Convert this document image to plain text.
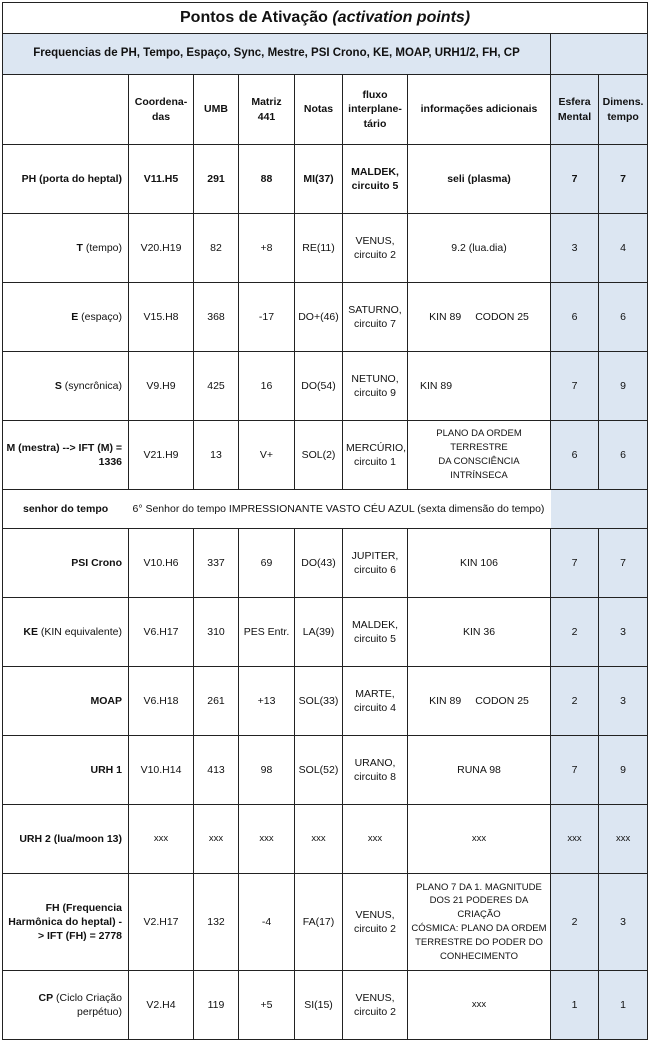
Pontos de Ativação (activation points)								
Frequencias de PH, Tempo, Espaço, Sync, Mestre, PSI Crono, KE, MOAP, URH1/2, FH, CP								
	Coordena-
das	UMB	Matriz
441	Notas	fluxo
interplane-
tário	informações adicionais	Esfera
Mental	Dimens.
tempo
PH (porta do heptal)	V11.H5	291	88	MI(37)	MALDEK,
circuito 5	seli (plasma)	7	7
T (tempo)	V20.H19	82	+8	RE(11)	VENUS,
circuito 2	9.2 (lua.dia)	3	4
E (espaço)	V15.H8	368	-17	DO+(46)	SATURNO,
circuito 7	KIN 89 CODON 25	6	6
S (syncrônica)	V9.H9	425	16	DO(54)	NETUNO,
circuito 9	KIN 89	7	9
M (mestra) --> IFT (M) =
1336	V21.H9	13	V+	SOL(2)	MERCÚRIO,
circuito 1	PLANO DA ORDEM TERRESTRE
DA CONSCIÊNCIA INTRÍNSECA	6	6
senhor do tempo	6° Senhor do tempo IMPRESSIONANTE VASTO CÉU AZUL (sexta dimensão do tempo)							
PSI Crono	V10.H6	337	69	DO(43)	JUPITER,
circuito 6	KIN 106	7	7
KE (KIN equivalente)	V6.H17	310	PES Entr.	LA(39)	MALDEK,
circuito 5	KIN 36	2	3
MOAP	V6.H18	261	+13	SOL(33)	MARTE,
circuito 4	KIN 89 CODON 25	2	3
URH 1	V10.H14	413	98	SOL(52)	URANO,
circuito 8	RUNA 98	7	9
URH 2 (lua/moon 13)	xxx	xxx	xxx	xxx	xxx	xxx	xxx	xxx
FH (Frequencia
Harmônica do heptal) -
> IFT (FH) = 2778	V2.H17	132	-4	FA(17)	VENUS,
circuito 2	PLANO 7 DA 1. MAGNITUDE
DOS 21 PODERES DA CRIAÇÃO
CÓSMICA: PLANO DA ORDEM
TERRESTRE DO PODER DO
CONHECIMENTO	2	3
CP (Ciclo Criação
perpétuo)	V2.H4	119	+5	SI(15)	VENUS,
circuito 2	xxx	1	1
